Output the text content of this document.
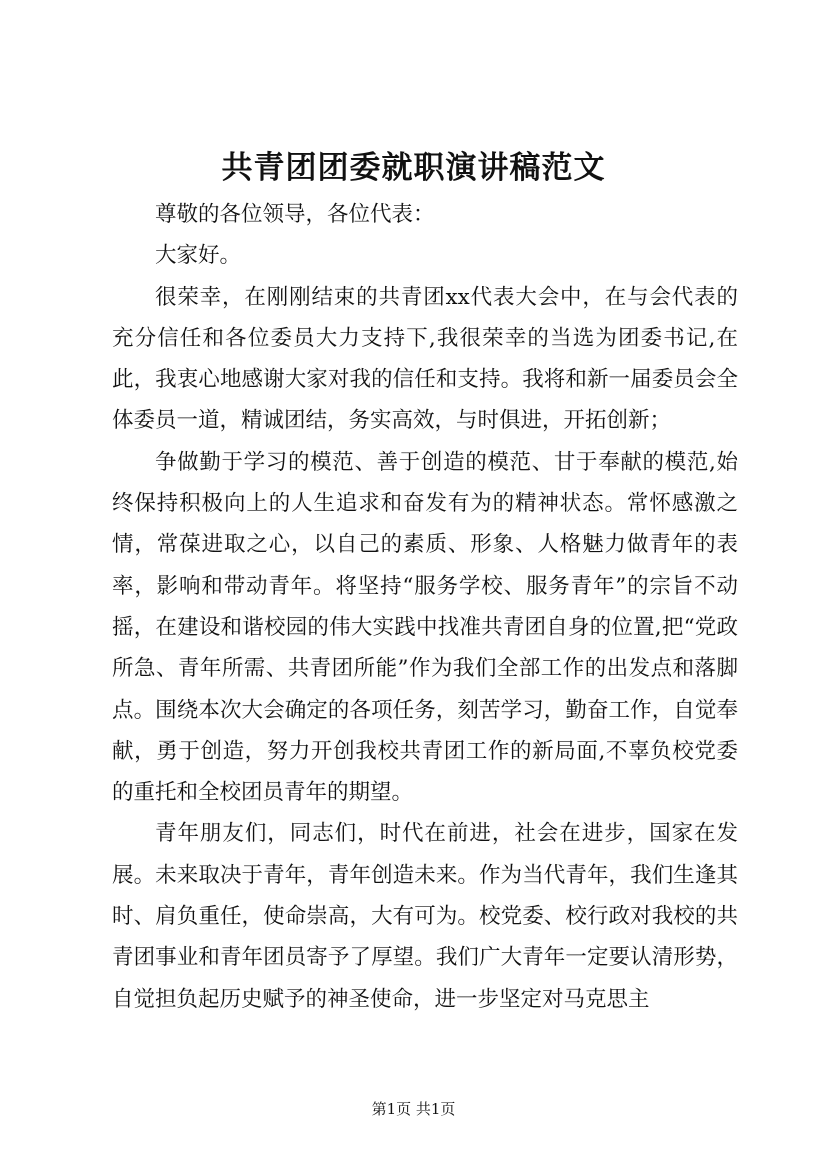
共青团团委就职演讲稿范文

尊敬的各位领导，各位代表：

大家好。

很荣幸，在刚刚结束的共青团xx代表大会中，在与会代表的充分信任和各位委员大力支持下,我很荣幸的当选为团委书记,在此，我衷心地感谢大家对我的信任和支持。我将和新一届委员会全体委员一道，精诚团结，务实高效，与时俱进，开拓创新；

争做勤于学习的模范、善于创造的模范、甘于奉献的模范,始终保持积极向上的人生追求和奋发有为的精神状态。常怀感激之情，常葆进取之心，以自己的素质、形象、人格魅力做青年的表率，影响和带动青年。将坚持“服务学校、服务青年”的宗旨不动摇，在建设和谐校园的伟大实践中找准共青团自身的位置,把“党政所急、青年所需、共青团所能”作为我们全部工作的出发点和落脚点。围绕本次大会确定的各项任务，刻苦学习，勤奋工作，自觉奉献，勇于创造，努力开创我校共青团工作的新局面,不辜负校党委的重托和全校团员青年的期望。

青年朋友们，同志们，时代在前进，社会在进步，国家在发展。未来取决于青年，青年创造未来。作为当代青年，我们生逢其时、肩负重任，使命崇高，大有可为。校党委、校行政对我校的共青团事业和青年团员寄予了厚望。我们广大青年一定要认清形势，自觉担负起历史赋予的神圣使命，进一步坚定对马克思主

第1页 共1页
